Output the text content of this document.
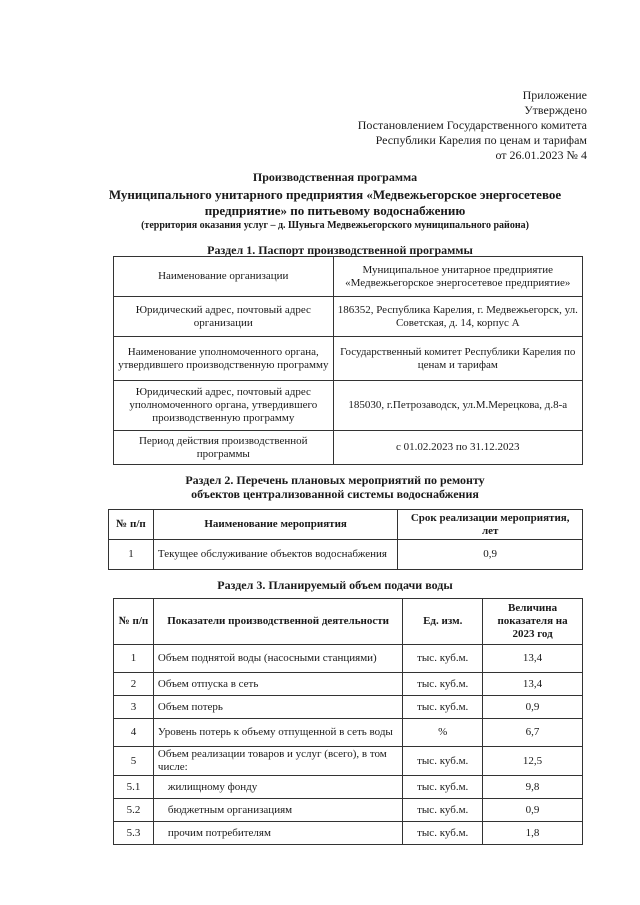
Приложение
Утверждено
Постановлением Государственного комитета
Республики Карелия по ценам и тарифам
от 26.01.2023 № 4
Производственная программа
Муниципального унитарного предприятия «Медвежьегорское энергосетевое предприятие» по питьевому водоснабжению
(территория оказания услуг – д. Шуньга Медвежьегорского муниципального района)
Раздел 1. Паспорт производственной программы
Наименование организации	Муниципальное унитарное предприятие «Медвежьегорское энергосетевое предприятие»
Юридический адрес, почтовый адрес организации	186352, Республика Карелия, г. Медвежьегорск, ул. Советская, д. 14, корпус А
Наименование уполномоченного органа, утвердившего производственную программу	Государственный комитет Республики Карелия по ценам и тарифам
Юридический адрес, почтовый адрес уполномоченного органа, утвердившего производственную программу	185030, г.Петрозаводск, ул.М.Мерецкова, д.8-а
Период действия производственной программы	с 01.02.2023 по 31.12.2023
Раздел 2. Перечень плановых мероприятий по ремонту объектов централизованной системы водоснабжения
№ п/п	Наименование мероприятия	Срок реализации мероприятия, лет
1	Текущее обслуживание объектов водоснабжения	0,9
Раздел 3. Планируемый объем подачи воды
№ п/п	Показатели производственной деятельности	Ед. изм.	Величина показателя на 2023 год
1	Объем поднятой воды (насосными станциями)	тыс. куб.м.	13,4
2	Объем отпуска в сеть	тыс. куб.м.	13,4
3	Объем потерь	тыс. куб.м.	0,9
4	Уровень потерь к объему отпущенной в сеть воды	%	6,7
5	Объем реализации товаров и услуг (всего), в том числе:	тыс. куб.м.	12,5
5.1	жилищному фонду	тыс. куб.м.	9,8
5.2	бюджетным организациям	тыс. куб.м.	0,9
5.3	прочим потребителям	тыс. куб.м.	1,8
